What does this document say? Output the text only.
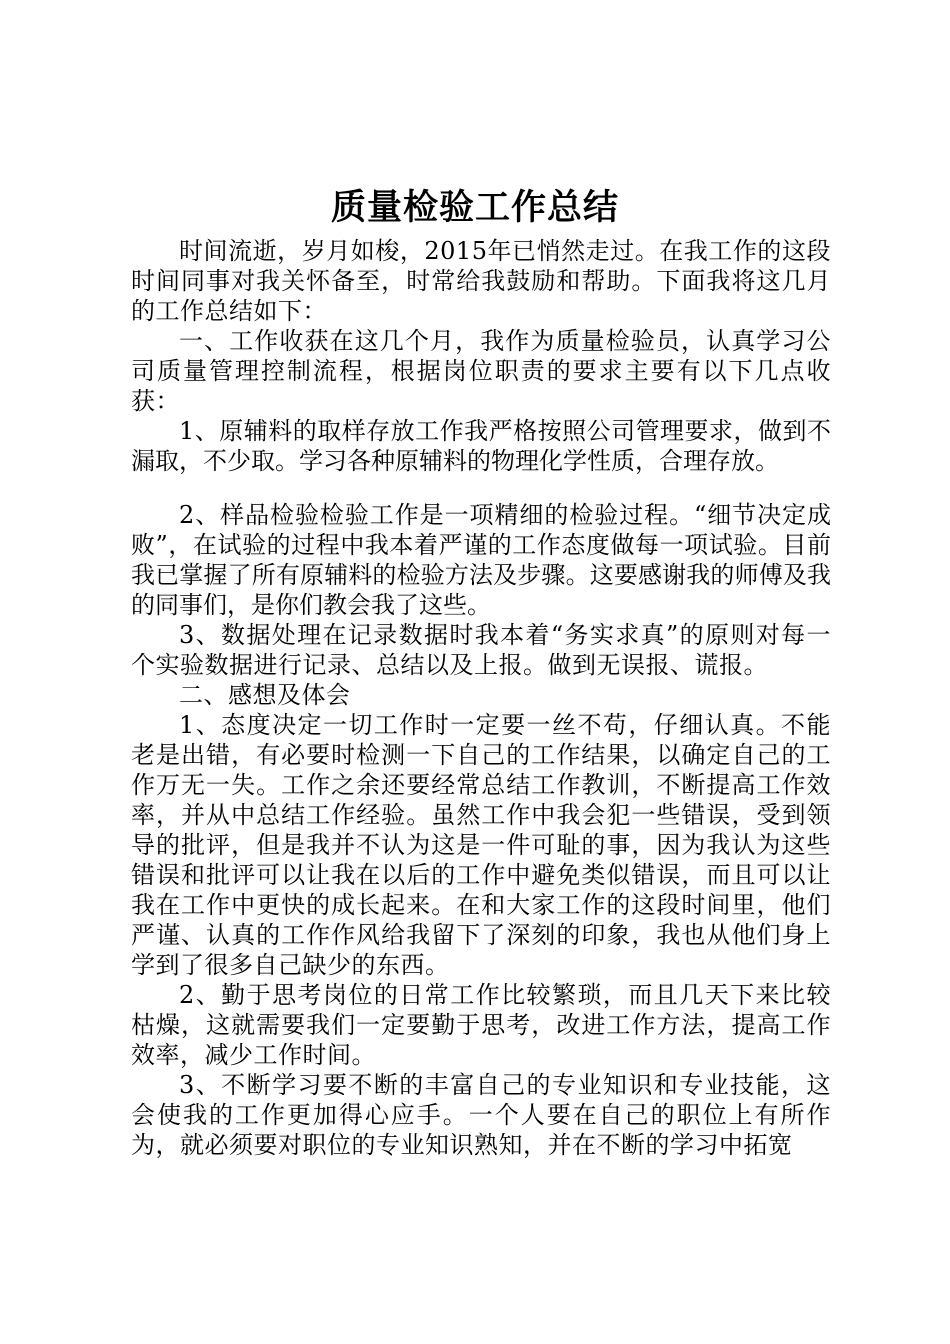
质量检验工作总结

时间流逝，岁月如梭，2015年已悄然走过。在我工作的这段时间同事对我关怀备至，时常给我鼓励和帮助。下面我将这几月的工作总结如下：

一、工作收获在这几个月，我作为质量检验员，认真学习公司质量管理控制流程，根据岗位职责的要求主要有以下几点收获：

1、原辅料的取样存放工作我严格按照公司管理要求，做到不漏取，不少取。学习各种原辅料的物理化学性质，合理存放。

2、样品检验检验工作是一项精细的检验过程。“细节决定成败”，在试验的过程中我本着严谨的工作态度做每一项试验。目前我已掌握了所有原辅料的检验方法及步骤。这要感谢我的师傅及我的同事们，是你们教会我了这些。

3、数据处理在记录数据时我本着“务实求真”的原则对每一个实验数据进行记录、总结以及上报。做到无误报、谎报。

二、感想及体会

1、态度决定一切工作时一定要一丝不苟，仔细认真。不能老是出错，有必要时检测一下自己的工作结果，以确定自己的工作万无一失。工作之余还要经常总结工作教训，不断提高工作效率，并从中总结工作经验。虽然工作中我会犯一些错误，受到领导的批评，但是我并不认为这是一件可耻的事，因为我认为这些错误和批评可以让我在以后的工作中避免类似错误，而且可以让我在工作中更快的成长起来。在和大家工作的这段时间里，他们严谨、认真的工作作风给我留下了深刻的印象，我也从他们身上学到了很多自己缺少的东西。

2、勤于思考岗位的日常工作比较繁琐，而且几天下来比较枯燥，这就需要我们一定要勤于思考，改进工作方法，提高工作效率，减少工作时间。

3、不断学习要不断的丰富自己的专业知识和专业技能，这会使我的工作更加得心应手。一个人要在自己的职位上有所作为，就必须要对职位的专业知识熟知，并在不断的学习中拓宽
